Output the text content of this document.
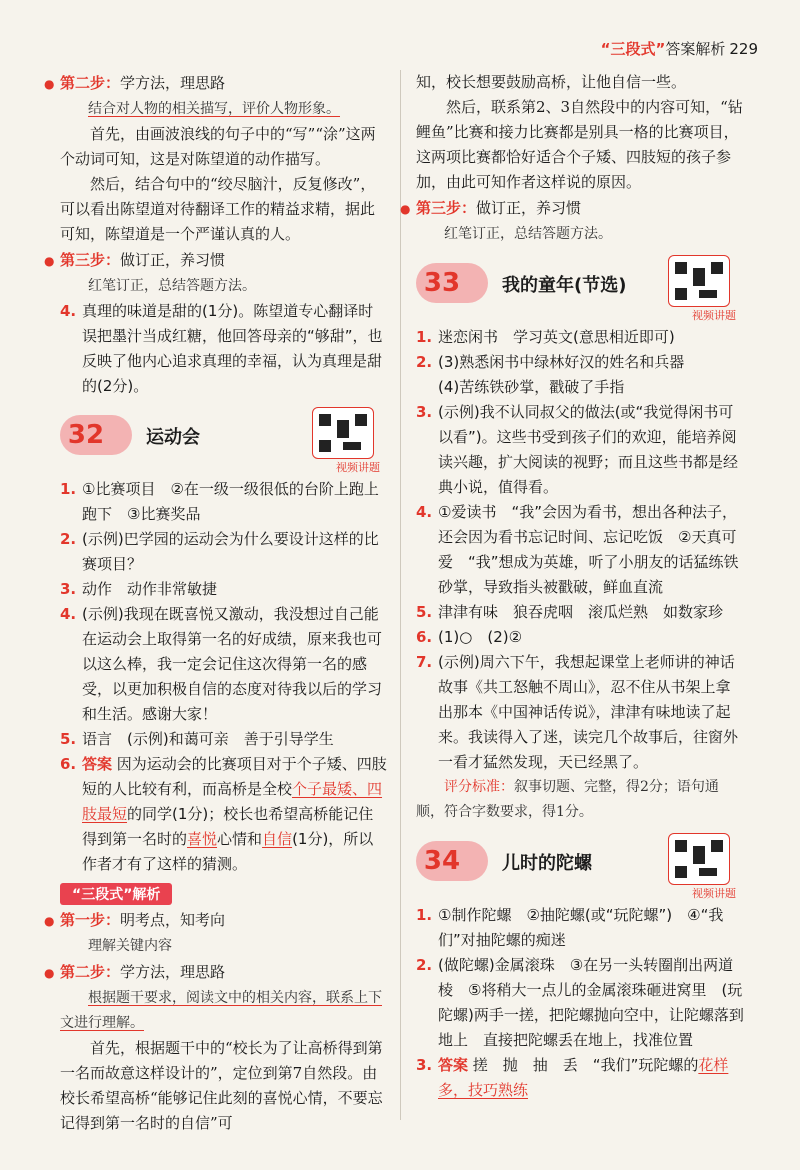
“三段式”答案解析 229

● 第二步：学方法，理思路

结合对人物的相关描写，评价人物形象。

首先，由画波浪线的句子中的“写”“涂”这两个动词可知，这是对陈望道的动作描写。

然后，结合句中的“绞尽脑汁，反复修改”，可以看出陈望道对待翻译工作的精益求精，据此可知，陈望道是一个严谨认真的人。

● 第三步：做订正，养习惯

红笔订正，总结答题方法。

4. 真理的味道是甜的(1分)。陈望道专心翻译时误把墨汁当成红糖，他回答母亲的“够甜”，也反映了他内心追求真理的幸福，认为真理是甜的(2分)。
32 运动会
视频讲题
1. ①比赛项目　②在一级一级很低的台阶上跑上跑下　③比赛奖品
2. (示例)巴学园的运动会为什么要设计这样的比赛项目？
3. 动作　动作非常敏捷
4. (示例)我现在既喜悦又激动，我没想过自己能在运动会上取得第一名的好成绩，原来我也可以这么棒，我一定会记住这次得第一名的感受，以更加积极自信的态度对待我以后的学习和生活。感谢大家！
5. 语言　(示例)和蔼可亲　善于引导学生
6. 答案 因为运动会的比赛项目对于个子矮、四肢短的人比较有利，而高桥是全校个子最矮、四肢最短的同学(1分)；校长也希望高桥能记住得到第一名时的喜悦心情和自信(1分)，所以作者才有了这样的猜测。
“三段式”解析

● 第一步：明考点，知考向

理解关键内容

● 第二步：学方法，理思路

根据题干要求，阅读文中的相关内容，联系上下文进行理解。

首先，根据题干中的“校长为了让高桥得到第一名而故意这样设计的”，定位到第7自然段。由校长希望高桥“能够记住此刻的喜悦心情，不要忘记得到第一名时的自信”可

知，校长想要鼓励高桥，让他自信一些。

然后，联系第2、3自然段中的内容可知，“钻鲤鱼”比赛和接力比赛都是别具一格的比赛项目，这两项比赛都恰好适合个子矮、四肢短的孩子参加，由此可知作者这样说的原因。

● 第三步：做订正，养习惯

红笔订正，总结答题方法。

33 我的童年(节选)
视频讲题
1. 迷恋闲书　学习英文(意思相近即可)
2. (3)熟悉闲书中绿林好汉的姓名和兵器
(4)苦练铁砂掌，戳破了手指
3. (示例)我不认同叔父的做法(或“我觉得闲书可以看”)。这些书受到孩子们的欢迎，能培养阅读兴趣，扩大阅读的视野；而且这些书都是经典小说，值得看。
4. ①爱读书　“我”会因为看书，想出各种法子，还会因为看书忘记时间、忘记吃饭　②天真可爱　“我”想成为英雄，听了小朋友的话猛练铁砂掌，导致指头被戳破，鲜血直流
5. 津津有味　狼吞虎咽　滚瓜烂熟　如数家珍
6. (1)○　(2)②
7. (示例)周六下午，我想起课堂上老师讲的神话故事《共工怒触不周山》，忍不住从书架上拿出那本《中国神话传说》，津津有味地读了起来。我读得入了迷，读完几个故事后，往窗外一看才猛然发现，天已经黑了。

评分标准：叙事切题、完整，得2分；语句通顺，符合字数要求，得1分。

34 儿时的陀螺
视频讲题
1. ①制作陀螺　②抽陀螺(或“玩陀螺”)　④“我们”对抽陀螺的痴迷
2. (做陀螺)金属滚珠　③在另一头转圈削出两道棱　⑤将稍大一点儿的金属滚珠砸进窝里　(玩陀螺)两手一搓，把陀螺抛向空中，让陀螺落到地上　直接把陀螺丢在地上，找准位置
3. 答案 搓　抛　抽　丢　“我们”玩陀螺的花样多，技巧熟练
